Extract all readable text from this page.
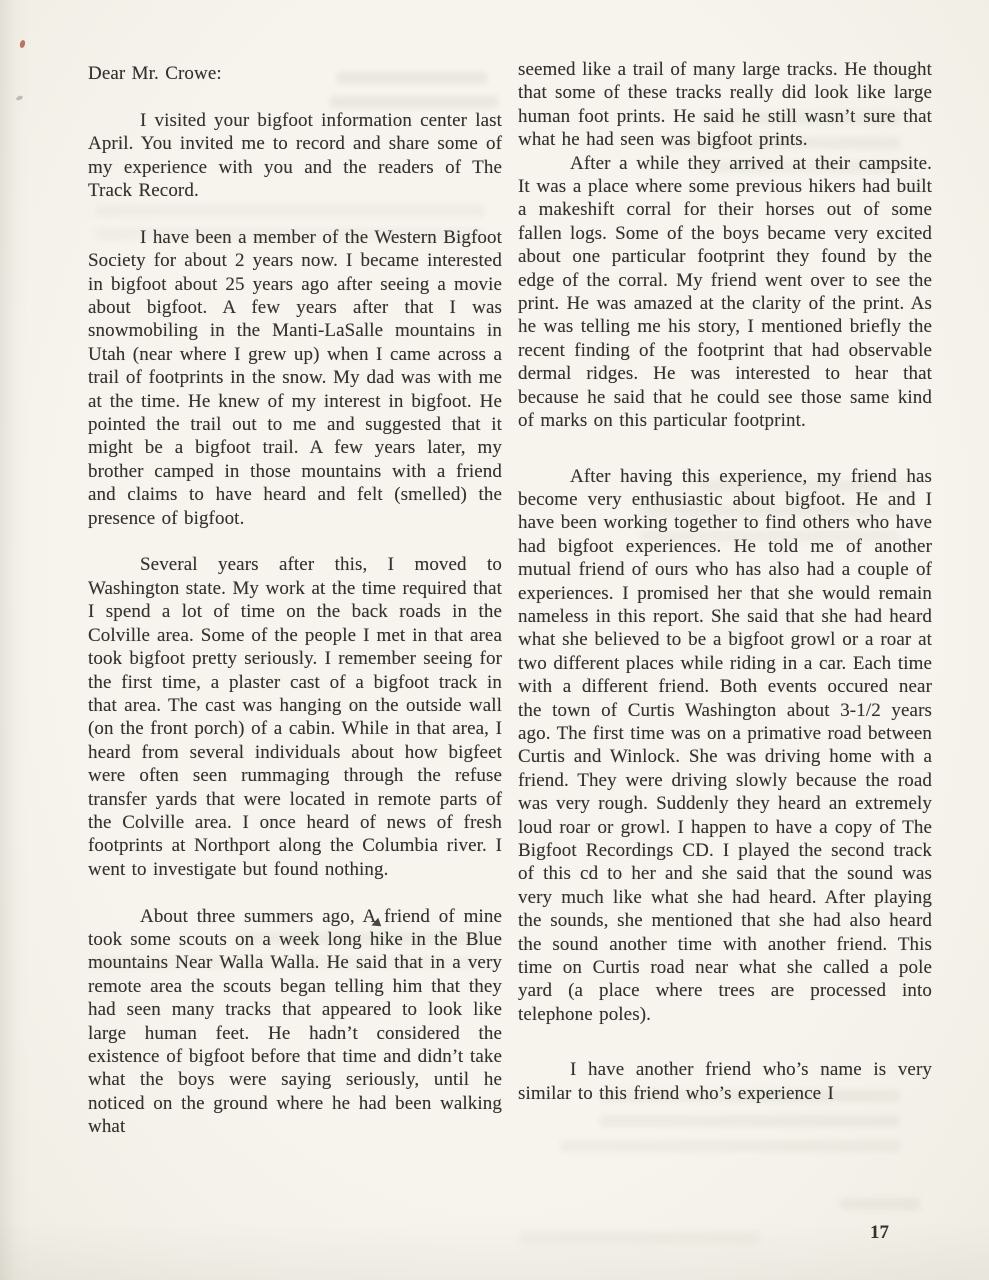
Dear Mr. Crowe:

I visited your bigfoot information center last April. You invited me to record and share some of my experience with you and the readers of The Track Record.

I have been a member of the Western Bigfoot Society for about 2 years now. I became interested in bigfoot about 25 years ago after seeing a movie about bigfoot. A few years after that I was snowmobiling in the Manti-LaSalle mountains in Utah (near where I grew up) when I came across a trail of footprints in the snow. My dad was with me at the time. He knew of my interest in bigfoot. He pointed the trail out to me and suggested that it might be a bigfoot trail. A few years later, my brother camped in those mountains with a friend and claims to have heard and felt (smelled) the presence of bigfoot.

Several years after this, I moved to Washington state. My work at the time required that I spend a lot of time on the back roads in the Colville area. Some of the people I met in that area took bigfoot pretty seriously. I remember seeing for the first time, a plaster cast of a bigfoot track in that area. The cast was hanging on the outside wall (on the front porch) of a cabin. While in that area, I heard from several individuals about how bigfeet were often seen rummaging through the refuse transfer yards that were located in remote parts of the Colville area. I once heard of news of fresh footprints at Northport along the Columbia river. I went to investigate but found nothing.

About three summers ago, A friend of mine took some scouts on a week long hike in the Blue mountains Near Walla Walla. He said that in a very remote area the scouts began telling him that they had seen many tracks that appeared to look like large human feet. He hadn’t considered the existence of bigfoot before that time and didn’t take what the boys were saying seriously, until he noticed on the ground where he had been walking what

seemed like a trail of many large tracks. He thought that some of these tracks really did look like large human foot prints. He said he still wasn’t sure that what he had seen was bigfoot prints.

After a while they arrived at their campsite. It was a place where some previous hikers had built a makeshift corral for their horses out of some fallen logs. Some of the boys became very excited about one particular footprint they found by the edge of the corral. My friend went over to see the print. He was amazed at the clarity of the print. As he was telling me his story, I mentioned briefly the recent finding of the footprint that had observable dermal ridges. He was interested to hear that because he said that he could see those same kind of marks on this particular footprint.

After having this experience, my friend has become very enthusiastic about bigfoot. He and I have been working together to find others who have had bigfoot experiences. He told me of another mutual friend of ours who has also had a couple of experiences. I promised her that she would remain nameless in this report. She said that she had heard what she believed to be a bigfoot growl or a roar at two different places while riding in a car. Each time with a different friend. Both events occured near the town of Curtis Washington about 3-1/2 years ago. The first time was on a primative road between Curtis and Winlock. She was driving home with a friend. They were driving slowly because the road was very rough. Suddenly they heard an extremely loud roar or growl. I happen to have a copy of The Bigfoot Recordings CD. I played the second track of this cd to her and she said that the sound was very much like what she had heard. After playing the sounds, she mentioned that she had also heard the sound another time with another friend. This time on Curtis road near what she called a pole yard (a place where trees are processed into telephone poles).

I have another friend who’s name is very similar to this friend who’s experience I

17
